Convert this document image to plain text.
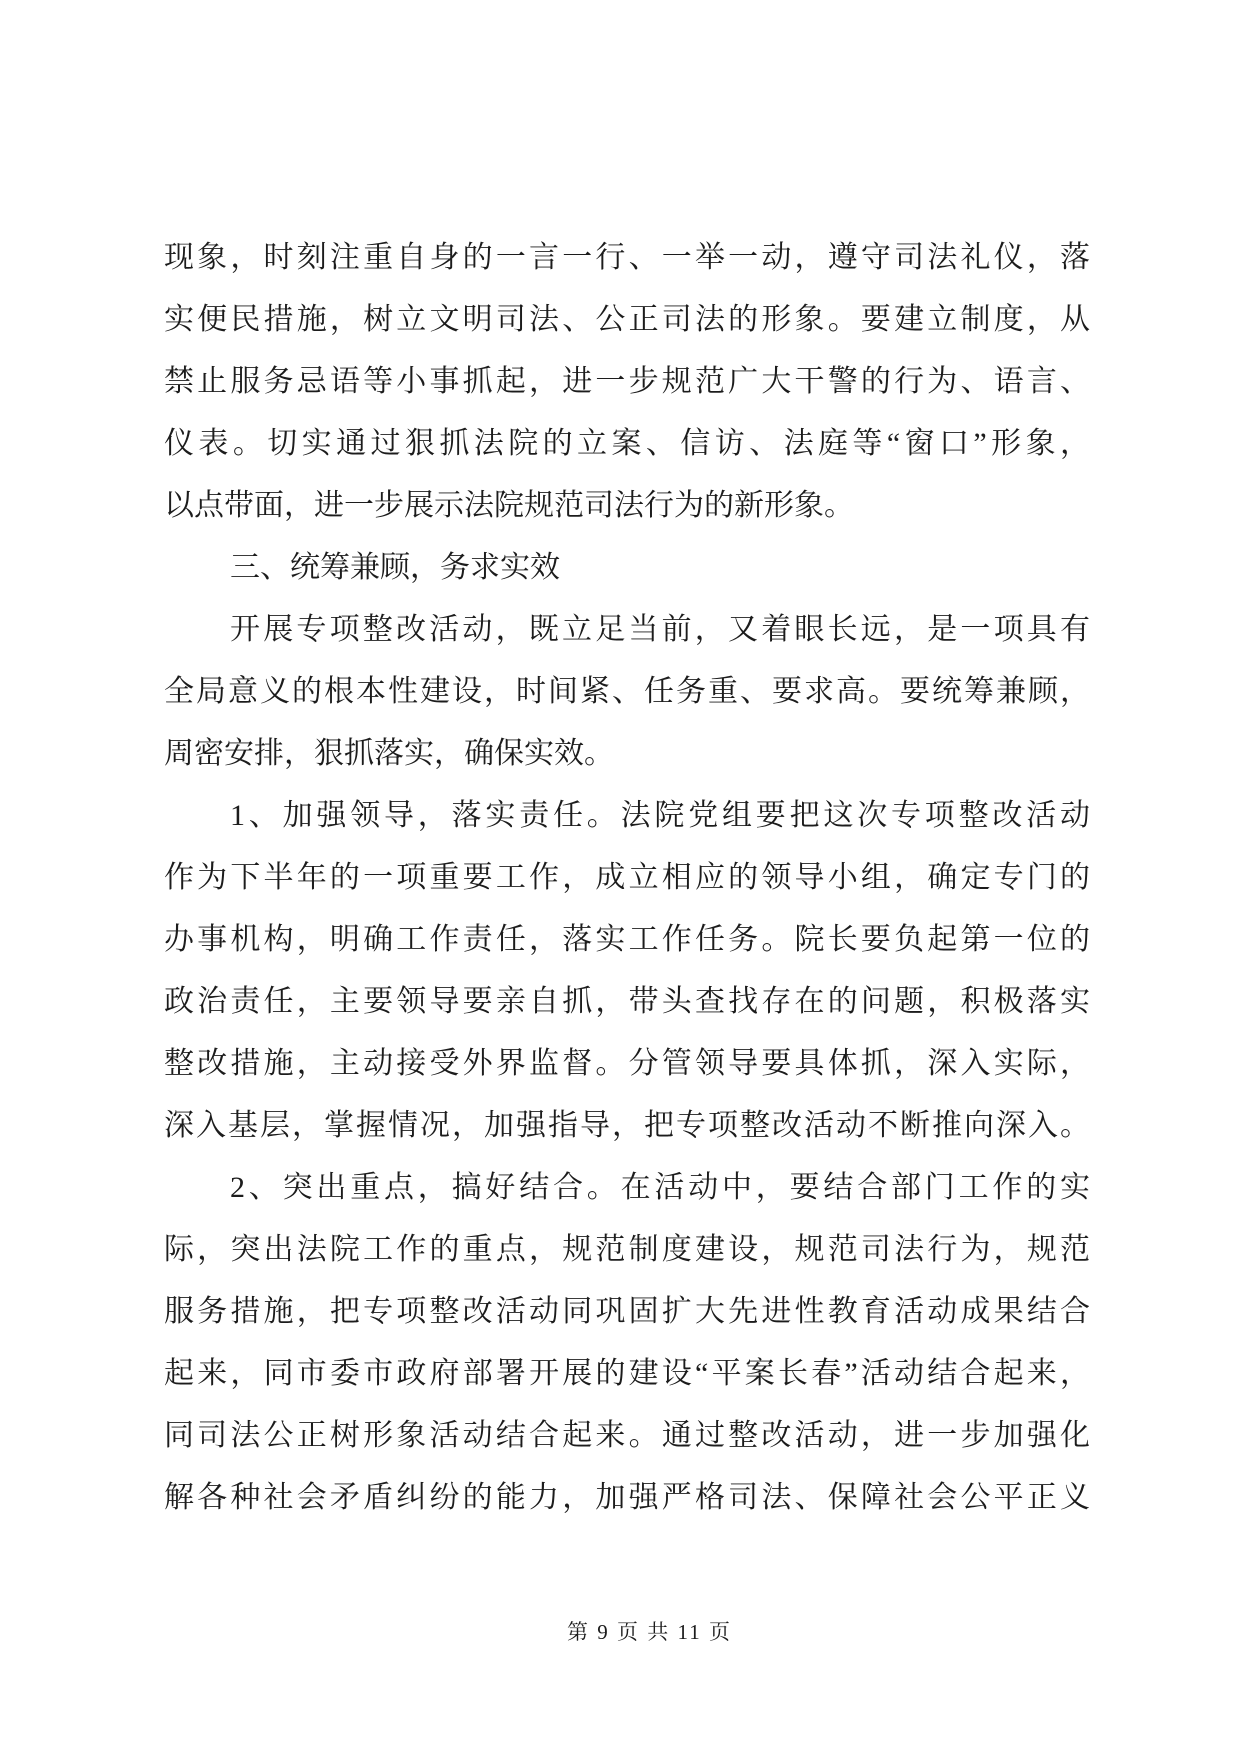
现象，时刻注重自身的一言一行、一举一动，遵守司法礼仪，落
实便民措施，树立文明司法、公正司法的形象。要建立制度，从
禁止服务忌语等小事抓起，进一步规范广大干警的行为、语言、
仪表。切实通过狠抓法院的立案、信访、法庭等“窗口”形象，
以点带面，进一步展示法院规范司法行为的新形象。
三、统筹兼顾，务求实效
开展专项整改活动，既立足当前，又着眼长远，是一项具有
全局意义的根本性建设，时间紧、任务重、要求高。要统筹兼顾，
周密安排，狠抓落实，确保实效。
1、加强领导，落实责任。法院党组要把这次专项整改活动
作为下半年的一项重要工作，成立相应的领导小组，确定专门的
办事机构，明确工作责任，落实工作任务。院长要负起第一位的
政治责任，主要领导要亲自抓，带头查找存在的问题，积极落实
整改措施，主动接受外界监督。分管领导要具体抓，深入实际，
深入基层，掌握情况，加强指导，把专项整改活动不断推向深入。
2、突出重点，搞好结合。在活动中，要结合部门工作的实
际，突出法院工作的重点，规范制度建设，规范司法行为，规范
服务措施，把专项整改活动同巩固扩大先进性教育活动成果结合
起来，同市委市政府部署开展的建设“平案长春”活动结合起来，
同司法公正树形象活动结合起来。通过整改活动，进一步加强化
解各种社会矛盾纠纷的能力，加强严格司法、保障社会公平正义
第 9 页 共 11 页
